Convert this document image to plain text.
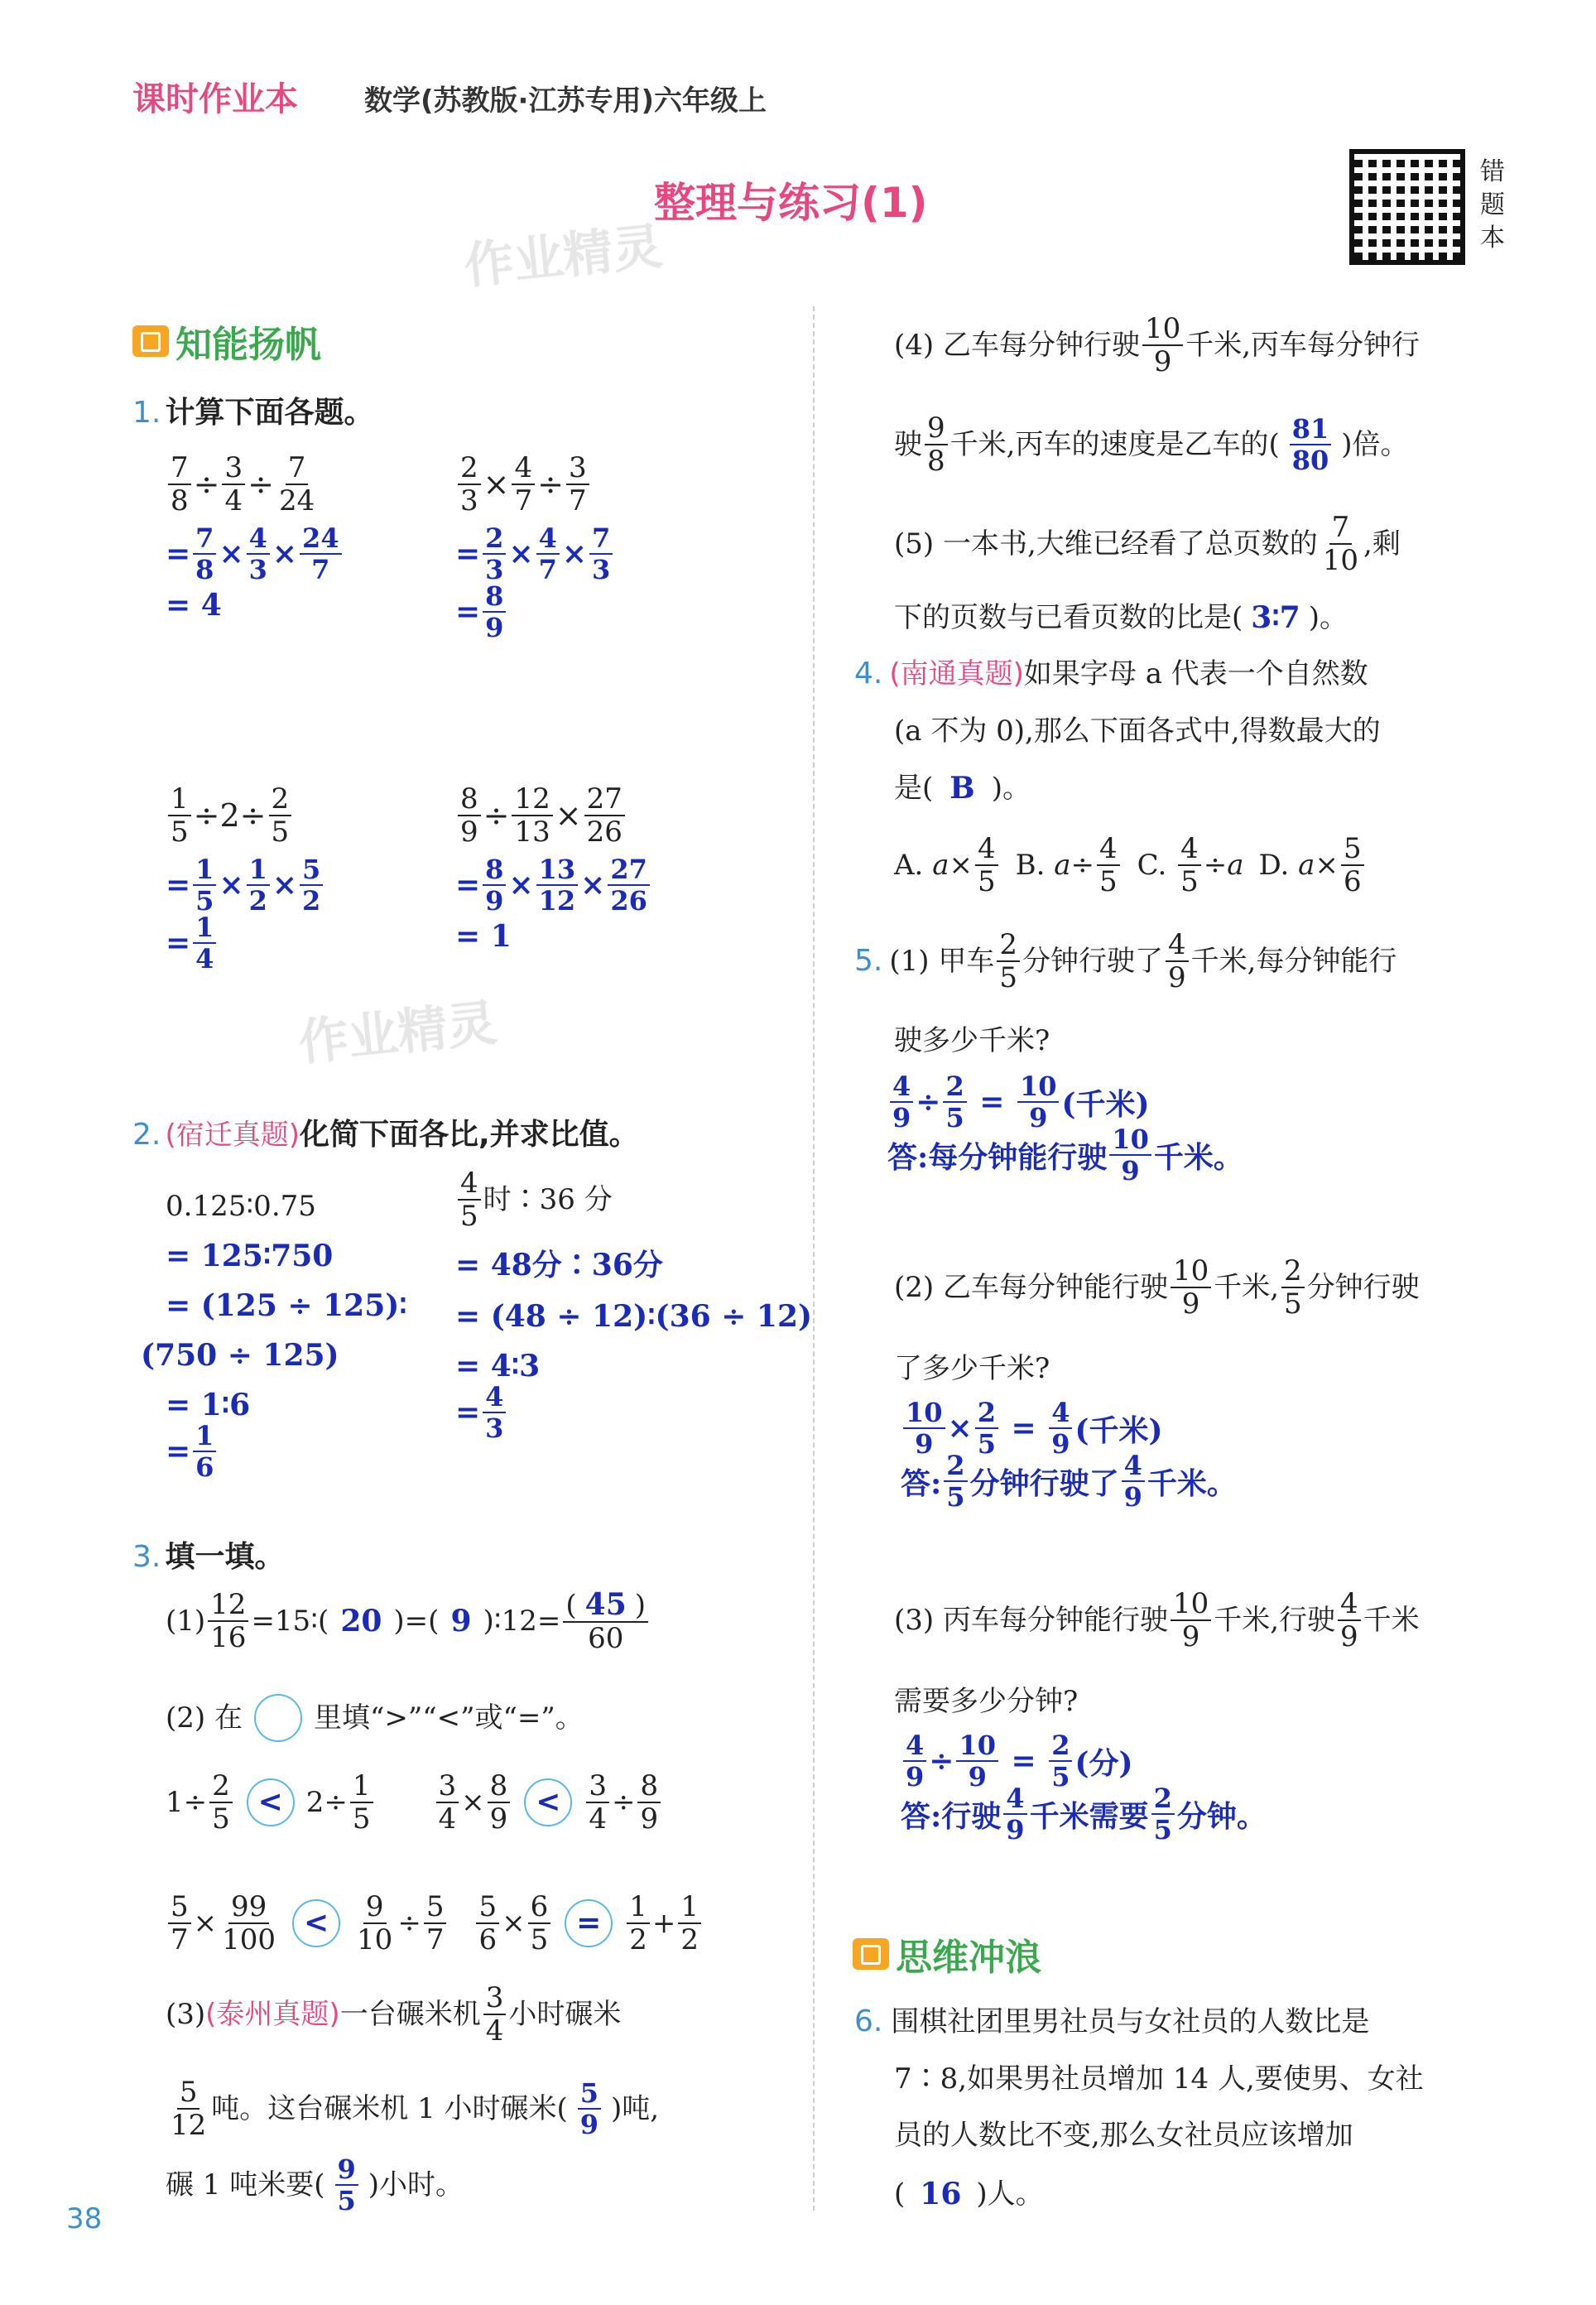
课时作业本 数学(苏教版·江苏专用)六年级上
整理与练习(1)
错
题
本
作业精灵
作业精灵
知能扬帆
1. 计算下面各题。
7
8 ÷ 3
4 ÷ 7
24
= 7
8 × 4
3 × 24
7
= 4
2
3 × 4
7 ÷ 3
7
= 2
3 × 4
7 × 7
3
= 8
9
1
5 ÷2÷ 2
5
= 1
5 × 1
2 × 5
2
= 1
4
8
9 ÷ 12
13 × 27
26
= 8
9 × 13
12 × 27
26
= 1
2. (宿迁真题)化简下面各比,并求比值。
0.125∶0.75
= 125∶750
= (125 ÷ 125)∶
(750 ÷ 125)
= 1∶6
= 1
6
4
5 时∶36 分
= 48分∶36分
= (48 ÷ 12)∶(36 ÷ 12)
= 4∶3
= 4
3
3. 填一填。
$(1) \frac{12}{16}$ =15∶( 20 )=( 9 )∶12= $\frac{( 45 )}{60}$
(2) 在	里填“>”“<”或“=”。
1÷ 2
5 < 2÷ 1
5
3
4 × 8
9 < 3
4 ÷ 8
9
5
7 × 99
100 <	9
10 ÷ 5
7
5
$6 \times \frac{6}{5} = \frac{1}{2} + 1$
2
(3) (泰州真题) 一台碾米机 3
4 小时碾米
5
12 吨。这台碾米机 1 小时碾米( 5
9 )吨,
碾 1 吨米要( 9
5 )小时。
38
(4) 乙车每分钟行驶 10
9 千米,丙车每分钟行
驶 9
8 千米,丙车的速度是乙车的( 81
80 )倍。
(5) 一本书,大维已经看了总页数的 7
10 ,剩
下的页数与已看页数的比是( 3∶7 )。
4. (南通真题) 如果字母 a 代表一个自然数
(a 不为 0),那么下面各式中,得数最大的
是( B )。
A.
a × 4
5 B.
a ÷ 4
5 C.
4
5 ÷ a D.
a × 5
6
5. (1) 甲车 2
5 分钟行驶了 4
9 千米,每分钟能行
驶多少千米?
4
9 ÷ 2
5 = 10
9 (千米)
答:每分钟能行驶
10
9 千米。
(2) 乙车每分钟能行驶 10
9 千米, 2
5 分钟行驶
了多少千米?
10
9 × 2
5 = 4
9 (千米)
答:
2
5 分钟行驶了
4
9 千米。
(3) 丙车每分钟能行驶 10
9 千米,行驶 4
9 千米
需要多少分钟?
4
9 ÷ 10
9 = 2
5 (分)
答:行驶
4
9 千米需要
2
5 分钟。
思维冲浪
6. 围棋社团里男社员与女社员的人数比是
7∶8,如果男社员增加 14 人,要使男、女社
员的人数比不变,那么女社员应该增加
( 16 )人。
